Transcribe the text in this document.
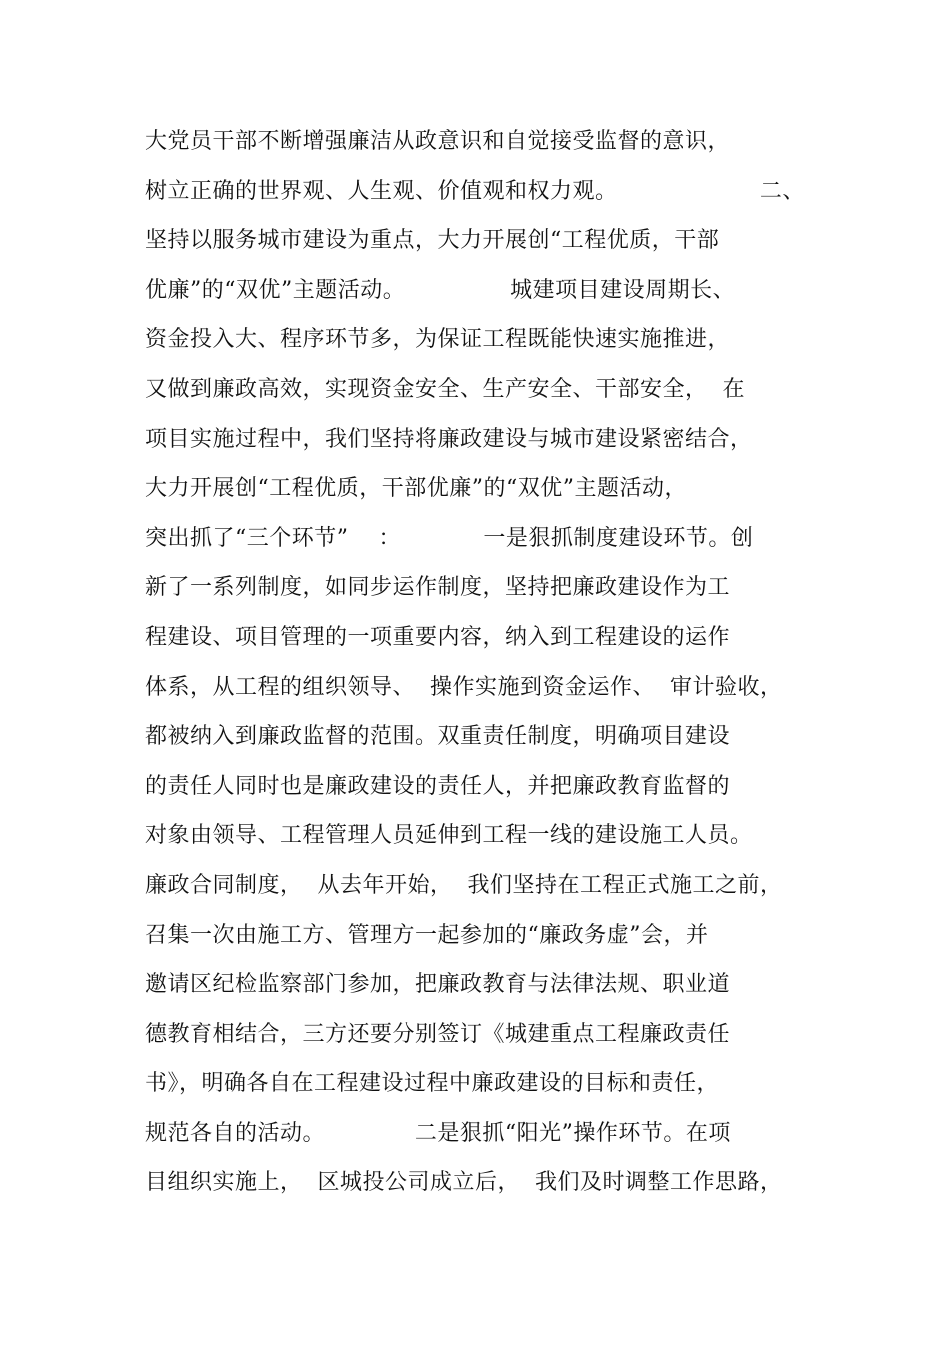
大党员干部不断增强廉洁从政意识和自觉接受监督的意识，
树立正确的世界观、人生观、价值观和权力观。                   二、
坚持以服务城市建设为重点，大力开展创“工程优质，干部
优廉”的“双优”主题活动。              城建项目建设周期长、
资金投入大、程序环节多，为保证工程既能快速实施推进，
又做到廉政高效，实现资金安全、生产安全、干部安全，  在
项目实施过程中，我们坚持将廉政建设与城市建设紧密结合，
大力开展创“工程优质，干部优廉”的“双优”主题活动，
突出抓了“三个环节”    ：           一是狠抓制度建设环节。创
新了一系列制度，如同步运作制度，坚持把廉政建设作为工
程建设、项目管理的一项重要内容，纳入到工程建设的运作
体系，从工程的组织领导、  操作实施到资金运作、  审计验收，
都被纳入到廉政监督的范围。双重责任制度，明确项目建设
的责任人同时也是廉政建设的责任人，并把廉政教育监督的
对象由领导、工程管理人员延伸到工程一线的建设施工人员。
廉政合同制度，  从去年开始，  我们坚持在工程正式施工之前，
召集一次由施工方、管理方一起参加的“廉政务虚”会，并
邀请区纪检监察部门参加，把廉政教育与法律法规、职业道
德教育相结合，三方还要分别签订《城建重点工程廉政责任
书》，明确各自在工程建设过程中廉政建设的目标和责任，
规范各自的活动。            二是狠抓“阳光”操作环节。在项
目组织实施上，  区城投公司成立后，  我们及时调整工作思路，
